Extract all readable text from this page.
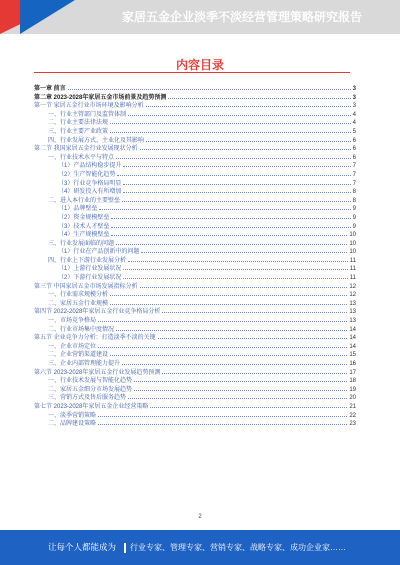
家居五金企业淡季不淡经营管理策略研究报告
内容目录
第一章 前言	3
第二章 2023-2028年家居五金市场前景及趋势预测	3
第一节 家居五金行业市场环境及影响分析	3
一、行业主管部门及监管体制	4
二、行业主要法律法规	4
三、行业主要产业政策	5
四、行业发展方式、主业化及其影响	6
第二节 我国家居五金行业发展现状分析	6
一、行业技术水平与特点	6
（1）产品结构稳步提升	7
（2）生产智能化趋势	7
（3）行业竞争格局明显	7
（4）研发投入有所增加	8
二、进入本行业的主要壁垒	8
（1）品牌壁垒	9
（2）资金规模壁垒	9
（3）技术人才壁垒	9
（4）生产规模壁垒	10
三、行业发展面临的问题	10
（1）行业在产品创新中的问题	10
四、行业上下游行业发展分析	11
（1）上游行业发展状况	11
（2）下游行业发展状况	11
第三节 中国家居五金市场发展指标分析	12
一、行业需求规模分析	12
二、家居五金行业规模	13
第四节 2022-2028年家居五金行业竞争格局分析	13
一、市场竞争格局	13
二、行业市场集中度情况	14
第五节 企业竞争力分析：打造淡季不淡的关键	14
一、企业市场定位	14
二、企业营销渠道建设	15
三、企业内部管理能力提升	16
第六节 2023-2028年家居五金行业发展趋势预测	17
一、行业技术发展与智能化趋势	18
二、家居五金细分市场发展趋势	19
三、营销方式及售后服务趋势	20
第七节 2023-2028年家居五金企业经营策略	21
一、淡季营销策略	22
二、品牌建设策略	23
2
让每个人都能成为	行业专家、管理专家、营销专家、战略专家、成功企业家……
